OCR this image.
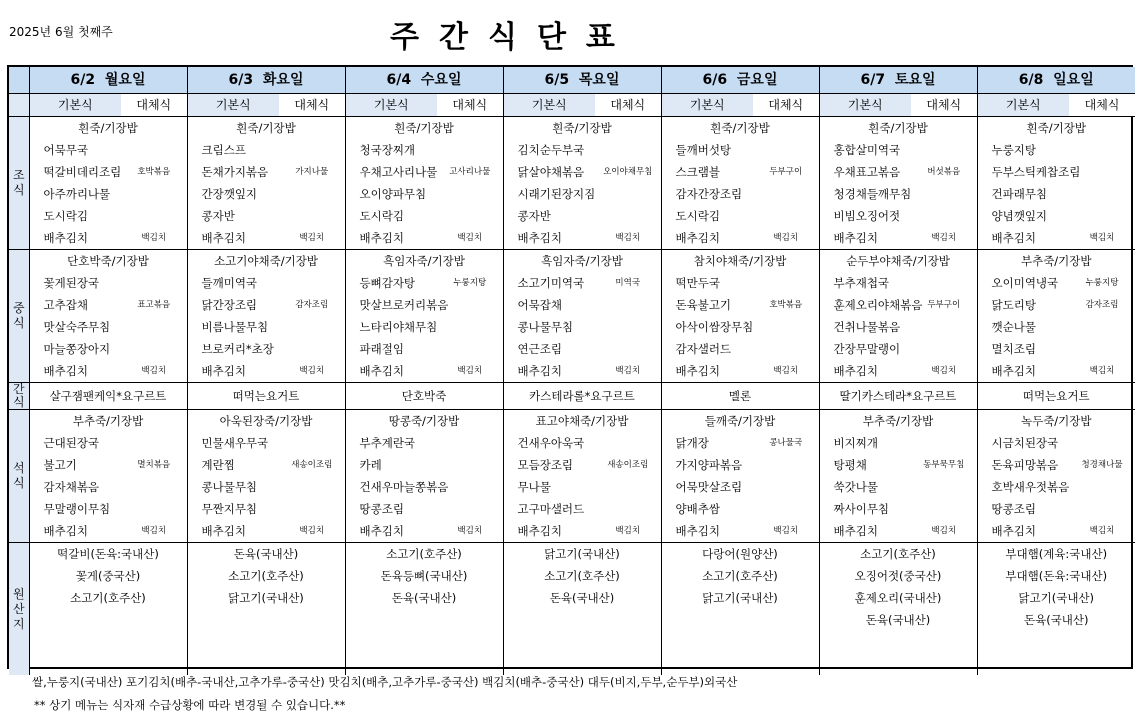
2025년 6월 첫째주	주간식단표
	6/2 월요일		6/3 화요일		6/4 수요일		6/5 목요일		6/6 금요일		6/7 토요일		6/8 일요일	
	기본식	대체식	기본식	대체식	기본식	대체식	기본식	대체식	기본식	대체식	기본식	대체식	기본식	대체식

조
식	흰죽/기장밥		흰죽/기장밥		흰죽/기장밥		흰죽/기장밥		흰죽/기장밥		흰죽/기장밥		흰죽/기장밥	
	어묵무국		크림스프		청국장찌개		김치순두부국		들깨버섯탕		홍합살미역국		누룽지탕	
	떡갈비데리조림	호박볶음	돈채가지볶음	가지나물	우채고사리나물	고사리나물	닭살야채볶음	오이야채무침	스크램블	두부구이	우채표고볶음	버섯볶음	두부스틱케찹조림	
	아주까리나물		간장깻잎지		오이양파무침		시래기된장지짐		감자간장조림		청경채들깨무침		건파래무침	
	도시락김		콩자반		도시락김		콩자반		도시락김		비빔오징어젓		양념깻잎지	
	배추김치	백김치	배추김치	백김치	배추김치	백김치	배추김치	백김치	배추김치	백김치	배추김치	백김치	배추김치	백김치

중
식	단호박죽/기장밥		소고기야채죽/기장밥		흑임자죽/기장밥		흑임자죽/기장밥		참치야채죽/기장밥		순두부야채죽/기장밥		부추죽/기장밥	
	꽃게된장국		들깨미역국		등뼈감자탕	누룽지탕	소고기미역국	미역국	떡만두국		부추재첩국		오이미역냉국	누룽지탕
	고추잡채	표고볶음	닭간장조림	감자조림	맛살브로커리볶음		어묵잡채		돈육불고기	호박볶음	훈제오리야채볶음	두부구이	닭도리탕	감자조림
	맛살숙주무침		비름나물무침		느타리야채무침		콩나물무침		아삭이쌈장무침		건취나물볶음		깻순나물	
	마늘쫑장아지		브로커리*초장		파래절임		연근조림		감자샐러드		간장무말랭이		멸치조림	
	배추김치	백김치	배추김치	백김치	배추김치	백김치	배추김치	백김치	배추김치	백김치	배추김치	백김치	배추김치	백김치

간
식	살구잼팬케익*요구르트		떠먹는요거트		단호박죽		카스테라롤*요구르트		멜론		딸기카스테라*요구르트		떠먹는요거트	

석
식	부추죽/기장밥		아욱된장죽/기장밥		땅콩죽/기장밥		표고야채죽/기장밥		들깨죽/기장밥		부추죽/기장밥		녹두죽/기장밥	
	근대된장국		민물새우무국		부추계란국		건새우아욱국		닭개장	콩나물국	비지찌개		시금치된장국	
	불고기	멸치볶음	계란찜	새송이조림	카레		모듬장조림	새송이조림	가지양파볶음		탕평채	동부묵무침	돈육피망볶음	청경채나물
	감자채볶음		콩나물무침		건새우마늘쫑볶음		무나물		어묵맛살조림		쑥갓나물		호박새우젓볶음	
	무말랭이무침		무짠지무침		땅콩조림		고구마샐러드		양배추쌈		짜사이무침		땅콩조림	
	배추김치	백김치	배추김치	백김치	배추김치	백김치	배추김치	백김치	배추김치	백김치	배추김치	백김치	배추김치	백김치

원
산
지	떡갈비(돈육:국내산)		돈육(국내산)		소고기(호주산)		닭고기(국내산)		다랑어(원양산)		소고기(호주산)		부대햄(계육:국내산)	
	꽃게(중국산)		소고기(호주산)		돈육등뼈(국내산)		소고기(호주산)		소고기(호주산)		오징어젓(중국산)		부대햄(돈육:국내산)	
	소고기(호주산)		닭고기(국내산)		돈육(국내산)		돈육(국내산)		닭고기(국내산)		훈제오리(국내산)		닭고기(국내산)	
											돈육(국내산)		돈육(국내산)	

쌀,누룽지(국내산) 포기김치(배추-국내산,고추가루-중국산) 맛김치(배추,고추가루-중국산) 백김치(배추-중국산) 대두(비지,두부,순두부)외국산
** 상기 메뉴는 식자재 수급상황에 따라 변경될 수 있습니다.**
